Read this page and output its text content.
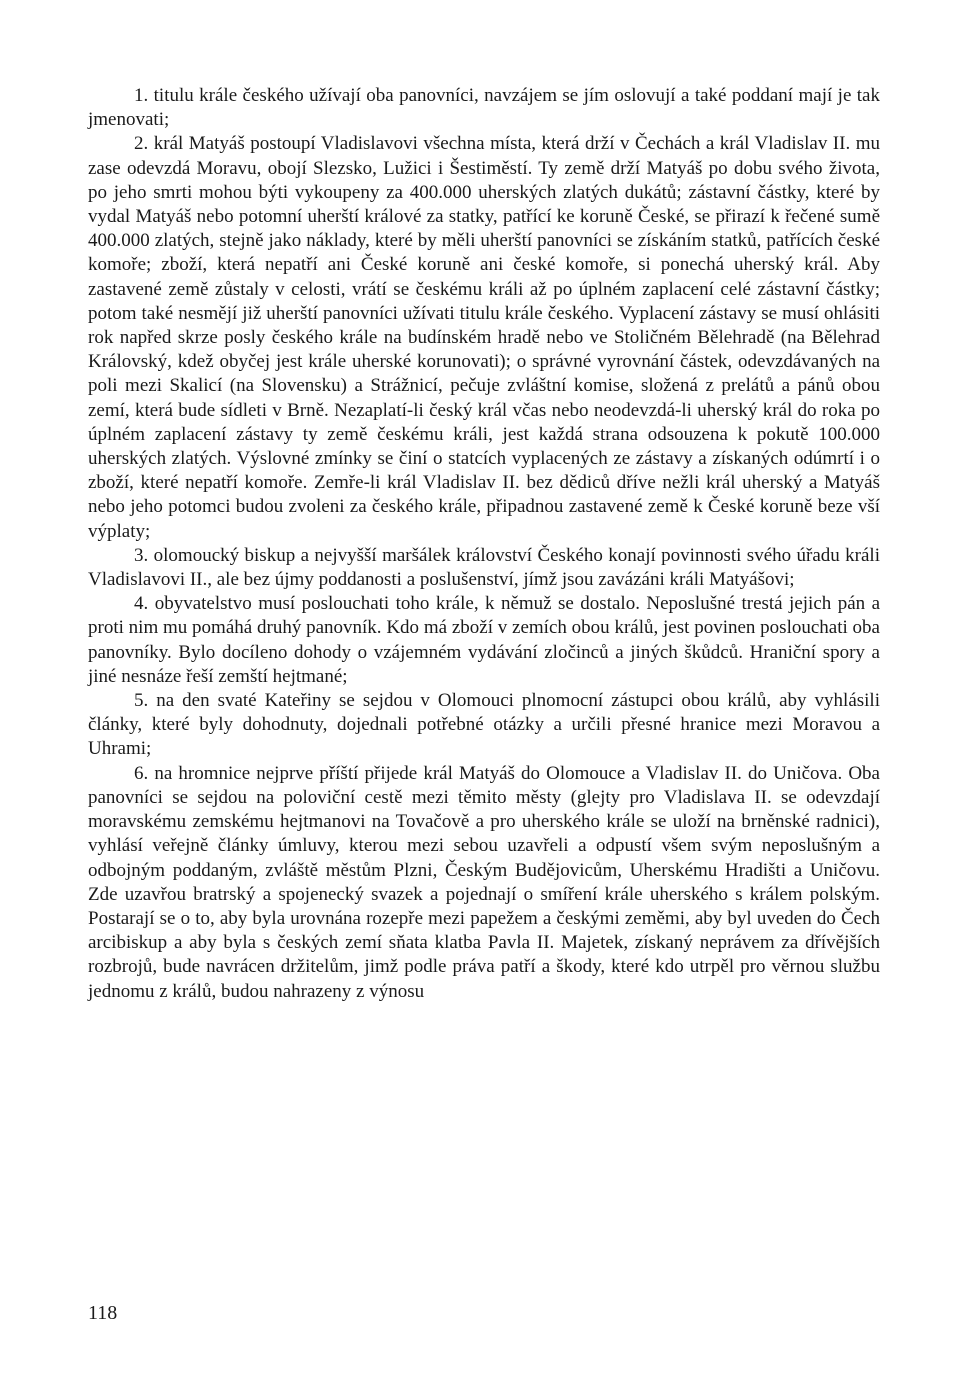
1. titulu krále českého užívají oba panovníci, navzájem se jím oslovují a také poddaní mají je tak jmenovati;

2. král Matyáš postoupí Vladislavovi všechna místa, která drží v Čechách a král Vladislav II. mu zase odevzdá Moravu, obojí Slezsko, Lužici i Šestiměstí. Ty země drží Matyáš po dobu svého života, po jeho smrti mohou býti vykoupeny za 400.000 uherských zlatých dukátů; zástavní částky, které by vydal Matyáš nebo potomní uherští králové za statky, patřící ke koruně České, se přirazí k řečené sumě 400.000 zlatých, stejně jako náklady, které by měli uherští panovníci se získáním statků, patřících české komoře; zboží, která nepatří ani České koruně ani české komoře, si ponechá uherský král. Aby zastavené země zůstaly v celosti, vrátí se českému králi až po úplném zaplacení celé zástavní částky; potom také nesmějí již uherští panovníci užívati titulu krále českého. Vyplacení zástavy se musí ohlásiti rok napřed skrze posly českého krále na budínském hradě nebo ve Stoličném Bělehradě (na Bělehrad Královský, kdež obyčej jest krále uherské korunovati); o správné vyrovnání částek, odevzdávaných na poli mezi Skalicí (na Slovensku) a Strážnicí, pečuje zvláštní komise, složená z prelátů a pánů obou zemí, která bude sídleti v Brně. Nezaplatí-li český král včas nebo neodevzdá-li uherský král do roka po úplném zaplacení zástavy ty země českému králi, jest každá strana odsouzena k pokutě 100.000 uherských zlatých. Výslovné zmínky se činí o statcích vyplacených ze zástavy a získaných odúmrtí i o zboží, které nepatří komoře. Zemře-li král Vladislav II. bez dědiců dříve nežli král uherský a Matyáš nebo jeho potomci budou zvoleni za českého krále, připadnou zastavené země k České koruně beze vší výplaty;

3. olomoucký biskup a nejvyšší maršálek království Českého konají povinnosti svého úřadu králi Vladislavovi II., ale bez újmy poddanosti a poslušenství, jímž jsou zavázáni králi Matyášovi;

4. obyvatelstvo musí poslouchati toho krále, k němuž se dostalo. Neposlušné trestá jejich pán a proti nim mu pomáhá druhý panovník. Kdo má zboží v zemích obou králů, jest povinen poslouchati oba panovníky. Bylo docíleno dohody o vzájemném vydávání zločinců a jiných škůdců. Hraniční spory a jiné nesnáze řeší zemští hejtmané;

5. na den svaté Kateřiny se sejdou v Olomouci plnomocní zástupci obou králů, aby vyhlásili články, které byly dohodnuty, dojednali potřebné otázky a určili přesné hranice mezi Moravou a Uhrami;

6. na hromnice nejprve příští přijede král Matyáš do Olomouce a Vladislav II. do Uničova. Oba panovníci se sejdou na poloviční cestě mezi těmito městy (glejty pro Vladislava II. se odevzdají moravskému zemskému hejtmanovi na Tovačově a pro uherského krále se uloží na brněnské radnici), vyhlásí veřejně články úmluvy, kterou mezi sebou uzavřeli a odpustí všem svým neposlušným a odbojným poddaným, zvláště městům Plzni, Českým Budějovicům, Uherskému Hradišti a Uničovu. Zde uzavřou bratrský a spojenecký svazek a pojednají o smíření krále uherského s králem polským. Postarají se o to, aby byla urovnána rozepře mezi papežem a českými zeměmi, aby byl uveden do Čech arcibiskup a aby byla s českých zemí sňata klatba Pavla II. Majetek, získaný neprávem za dřívějších rozbrojů, bude navrácen držitelům, jimž podle práva patří a škody, které kdo utrpěl pro věrnou službu jednomu z králů, budou nahrazeny z výnosu

118
